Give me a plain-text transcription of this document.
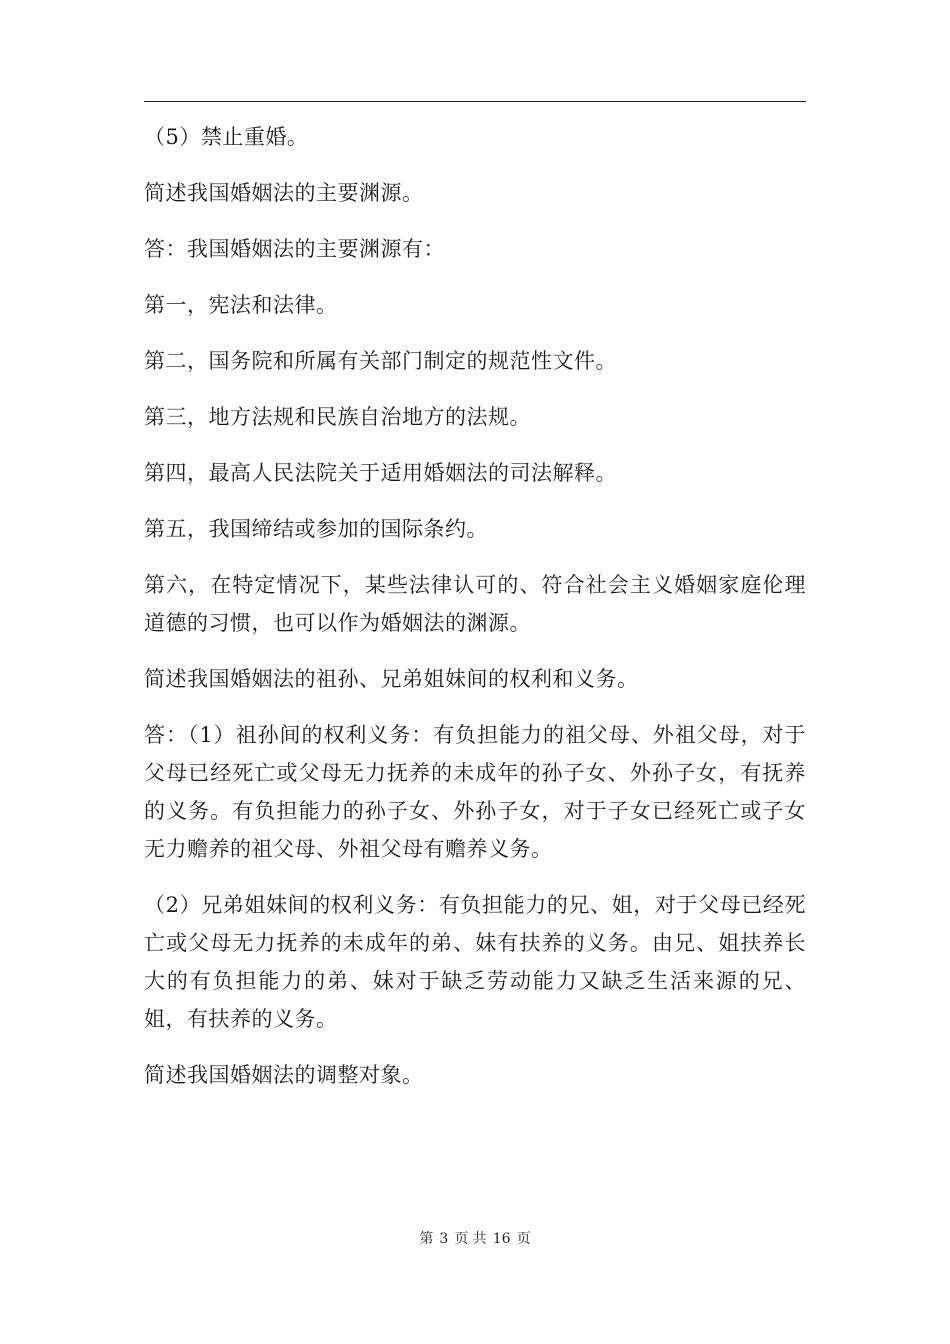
（5）禁止重婚。

简述我国婚姻法的主要渊源。

答：我国婚姻法的主要渊源有：

第一，宪法和法律。

第二，国务院和所属有关部门制定的规范性文件。

第三，地方法规和民族自治地方的法规。

第四，最高人民法院关于适用婚姻法的司法解释。

第五，我国缔结或参加的国际条约。

第六，在特定情况下，某些法律认可的、符合社会主义婚姻家庭伦理道德的习惯，也可以作为婚姻法的渊源。

简述我国婚姻法的祖孙、兄弟姐妹间的权利和义务。

答：（1）祖孙间的权利义务：有负担能力的祖父母、外祖父母，对于父母已经死亡或父母无力抚养的未成年的孙子女、外孙子女，有抚养的义务。有负担能力的孙子女、外孙子女，对于子女已经死亡或子女无力赡养的祖父母、外祖父母有赡养义务。

（2）兄弟姐妹间的权利义务：有负担能力的兄、姐，对于父母已经死亡或父母无力抚养的未成年的弟、妹有扶养的义务。由兄、姐扶养长大的有负担能力的弟、妹对于缺乏劳动能力又缺乏生活来源的兄、姐，有扶养的义务。

简述我国婚姻法的调整对象。

第 3 页 共 16 页
